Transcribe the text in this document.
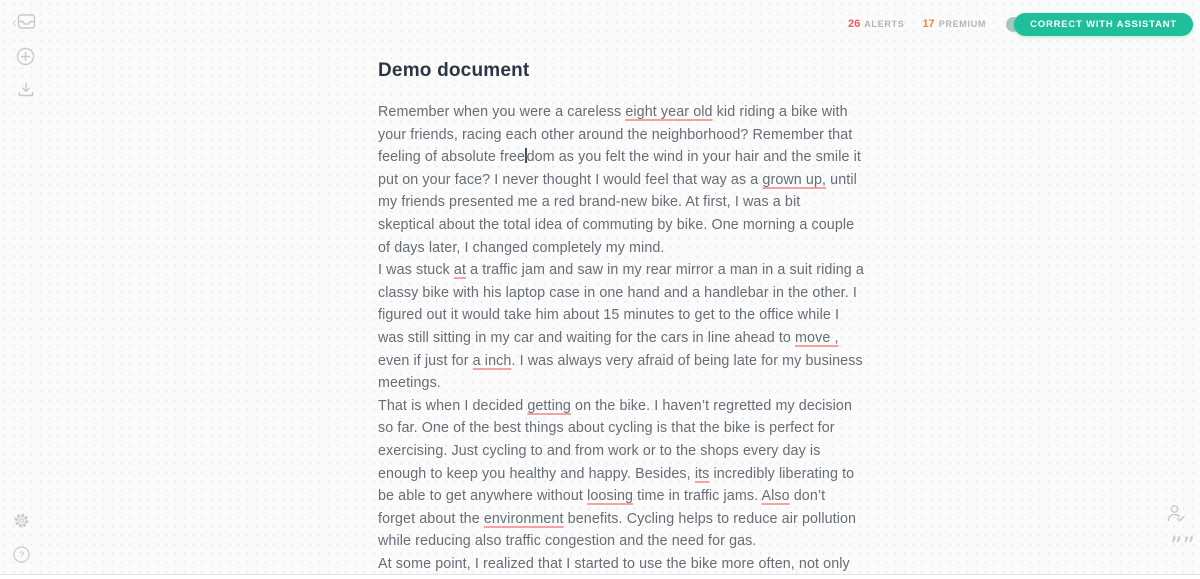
‹
?
26 ALERTS 17 PREMIUM	CORRECT WITH ASSISTANT
Demo document
Remember when you were a careless eight year old kid riding a bike with
your friends, racing each other around the neighborhood? Remember that
feeling of absolute free dom as you felt the wind in your hair and the smile it
put on your face? I never thought I would feel that way as a grown up, until
my friends presented me a red brand-new bike. At first, I was a bit
skeptical about the total idea of commuting by bike. One morning a couple
of days later, I changed completely my mind.
I was stuck at a traffic jam and saw in my rear mirror a man in a suit riding a
classy bike with his laptop case in one hand and a handlebar in the other. I
figured out it would take him about 15 minutes to get to the office while I
was still sitting in my car and waiting for the cars in line ahead to move ,
even if just for a inch. I was always very afraid of being late for my business
meetings.
That is when I decided getting on the bike. I haven’t regretted my decision
so far. One of the best things about cycling is that the bike is perfect for
exercising. Just cycling to and from work or to the shops every day is
enough to keep you healthy and happy. Besides, its incredibly liberating to
be able to get anywhere without loosing time in traffic jams. Also don’t
forget about the environment benefits. Cycling helps to reduce air pollution
while reducing also traffic congestion and the need for gas.
At some point, I realized that I started to use the bike more often, not only
””
